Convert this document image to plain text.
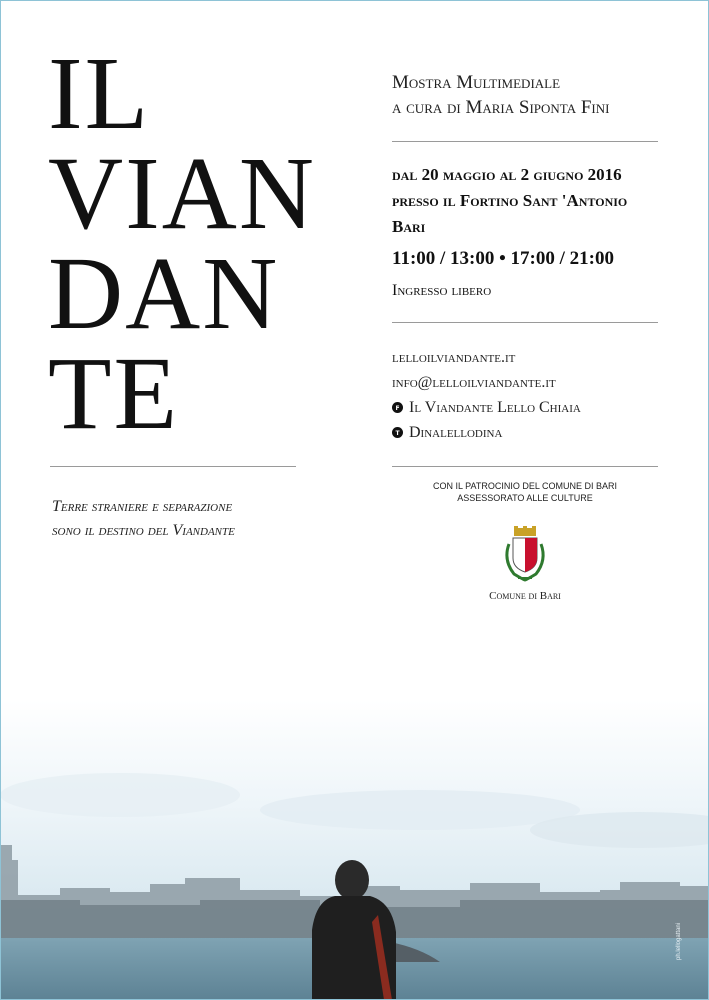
IL
VIAN
DAN
TE
Terre straniere e separazione
sono il destino del Viandante
Mostra Multimediale
a cura di Maria Siponta Fini
dal 20 maggio al 2 giugno 2016
presso il Fortino Sant 'Antonio
Bari
11:00 / 13:00 • 17:00 / 21:00
Ingresso libero
lelloilviandante.it
info@lelloilviandante.it
f Il Viandante Lello Chiaia
t Dinalellodina
CON IL PATROCINIO DEL COMUNE DI BARI
ASSESSORATO ALLE CULTURE
Comune di Bari
ph.lellogattani
